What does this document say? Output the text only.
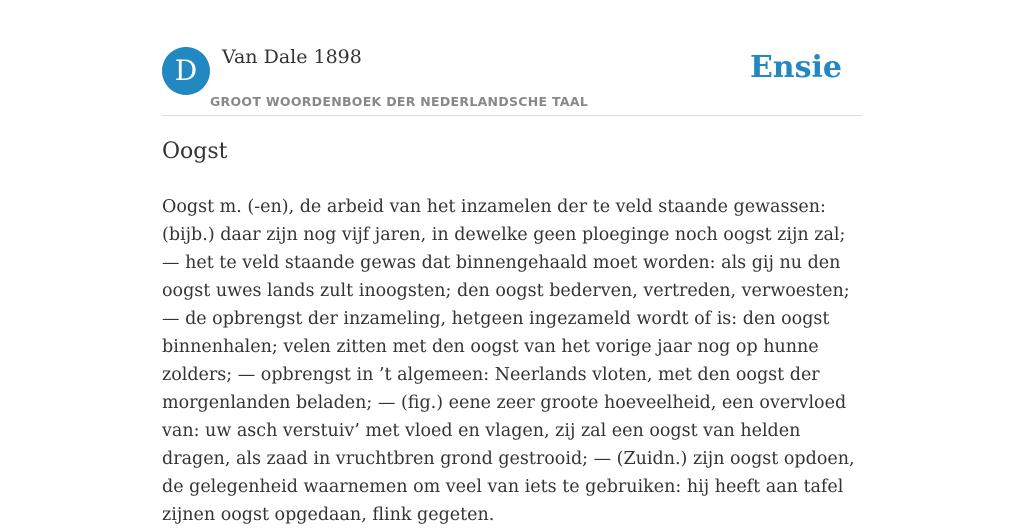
D	Van Dale 1898
GROOT WOORDENBOEK DER NEDERLANDSCHE TAAL
Ensie
Oogst

Oogst m. (-en), de arbeid van het inzamelen der te veld staande gewassen: (bijb.) daar zijn nog vijf jaren, in dewelke geen ploeginge noch oogst zijn zal; — het te veld staande gewas dat binnengehaald moet worden: als gij nu den oogst uwes lands zult inoogsten; den oogst bederven, vertreden, verwoesten; — de opbrengst der inzameling, hetgeen ingezameld wordt of is: den oogst binnenhalen; velen zitten met den oogst van het vorige jaar nog op hunne zolders; — opbrengst in ’t algemeen: Neerlands vloten, met den oogst der morgenlanden beladen; — (fig.) eene zeer groote hoeveelheid, een overvloed van: uw asch verstuiv’ met vloed en vlagen, zij zal een oogst van helden dragen, als zaad in vruchtbren grond gestrooid; — (Zuidn.) zijn oogst opdoen, de gelegenheid waarnemen om veel van iets te gebruiken: hij heeft aan tafel zijnen oogst opgedaan, flink gegeten.
